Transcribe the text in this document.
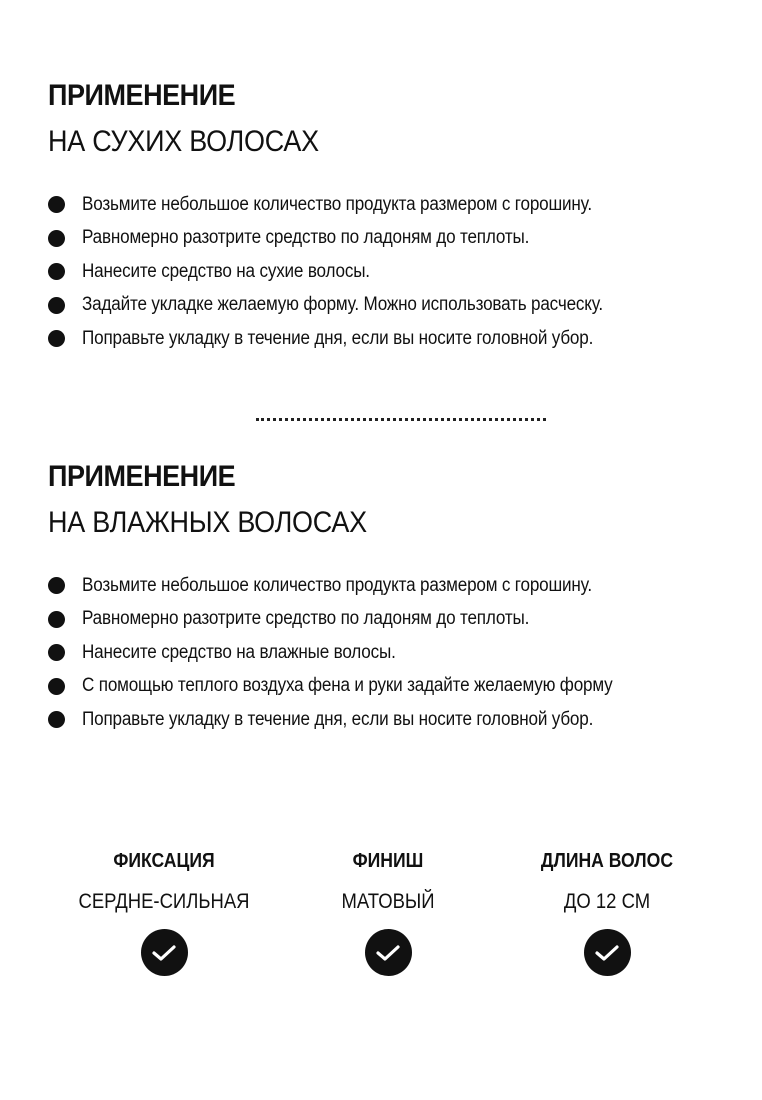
ПРИМЕНЕНИЕ
НА СУХИХ ВОЛОСАХ
Возьмите небольшое количество продукта размером с горошину.
Равномерно разотрите средство по ладоням до теплоты.
Нанесите средство на сухие волосы.
Задайте укладке желаемую форму. Можно использовать расческу.
Поправьте укладку в течение дня, если вы носите головной убор.
ПРИМЕНЕНИЕ
НА ВЛАЖНЫХ ВОЛОСАХ
Возьмите небольшое количество продукта размером с горошину.
Равномерно разотрите средство по ладоням до теплоты.
Нанесите средство на влажные волосы.
С помощью теплого воздуха фена и руки задайте желаемую форму
Поправьте укладку в течение дня, если вы носите головной убор.
ФИКСАЦИЯ
СЕРДНЕ-СИЛЬНАЯ
ФИНИШ
МАТОВЫЙ
ДЛИНА ВОЛОС
ДО 12 СМ
